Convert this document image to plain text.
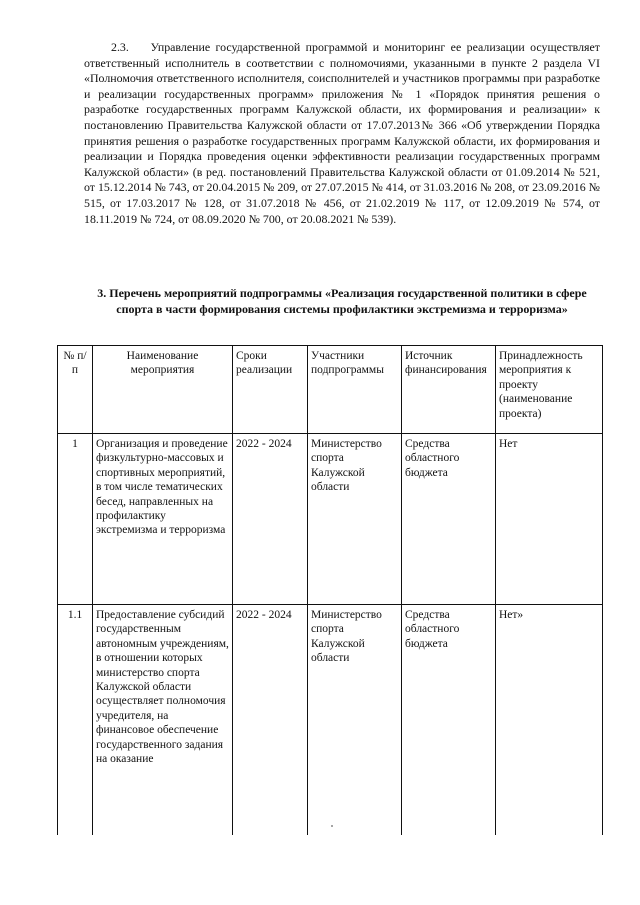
2.3. Управление государственной программой и мониторинг ее реализации осуществляет ответственный исполнитель в соответствии с полномочиями, указанными в пункте 2 раздела VI «Полномочия ответственного исполнителя, соисполнителей и участников программы при разработке и реализации государственных программ» приложения № 1 «Порядок принятия решения о разработке государственных программ Калужской области, их формирования и реализации» к постановлению Правительства Калужской области от 17.07.2013№ 366 «Об утверждении Порядка принятия решения о разработке государственных программ Калужской области, их формирования и реализации и Порядка проведения оценки эффективности реализации государственных программ Калужской области» (в ред. постановлений Правительства Калужской области от 01.09.2014 № 521, от 15.12.2014 № 743, от 20.04.2015 № 209, от 27.07.2015 № 414, от 31.03.2016 № 208, от 23.09.2016 № 515, от 17.03.2017 № 128, от 31.07.2018 № 456, от 21.02.2019 № 117, от 12.09.2019 № 574, от 18.11.2019 № 724, от 08.09.2020 № 700, от 20.08.2021 № 539).
3. Перечень мероприятий подпрограммы «Реализация государственной политики в сфере спорта в части формирования системы профилактики экстремизма и терроризма»
№ п/п	Наименование мероприятия	Сроки реализации	Участники подпрограммы	Источник финансирования	Принадлежность мероприятия к проекту (наименование проекта)
1	Организация и проведение физкультурно-массовых и спортивных мероприятий, в том числе тематических бесед, направленных на профилактику экстремизма и терроризма	2022 - 2024	Министерство спорта Калужской области	Средства областного бюджета	Нет
1.1	Предоставление субсидий государственным автономным учреждениям, в отношении которых министерство спорта Калужской области осуществляет полномочия учредителя, на финансовое обеспечение государственного задания на оказание	2022 - 2024	Министерство спорта Калужской области	Средства областного бюджета	Нет»
